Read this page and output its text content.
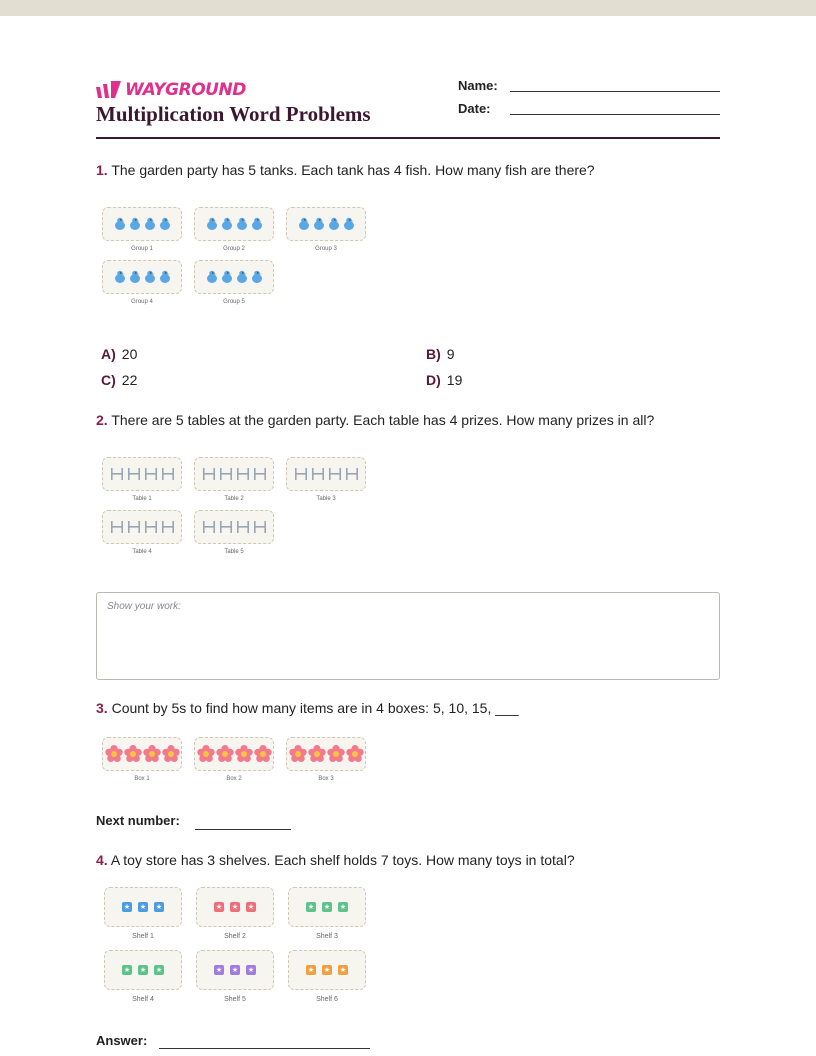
WAYGROUND
Multiplication Word Problems
Name:
Date:
1. The garden party has 5 tanks. Each tank has 4 fish. How many fish are there?
Group 1	Group 2	Group 3
Group 4	Group 5
A) 20	B) 9
C) 22	D) 19
2. There are 5 tables at the garden party. Each table has 4 prizes. How many prizes in all?
Table 1	Table 2	Table 3
Table 4	Table 5
Show your work:
3. Count by 5s to find how many items are in 4 boxes: 5, 10, 15, ___
Box 1	Box 2	Box 3
Next number:
4. A toy store has 3 shelves. Each shelf holds 7 toys. How many toys in total?
★ ★ ★
Shelf 1
★ ★ ★
Shelf 2
★ ★ ★
Shelf 3
★ ★ ★
Shelf 4
★ ★ ★
Shelf 5
★ ★ ★
Shelf 6
Answer:
